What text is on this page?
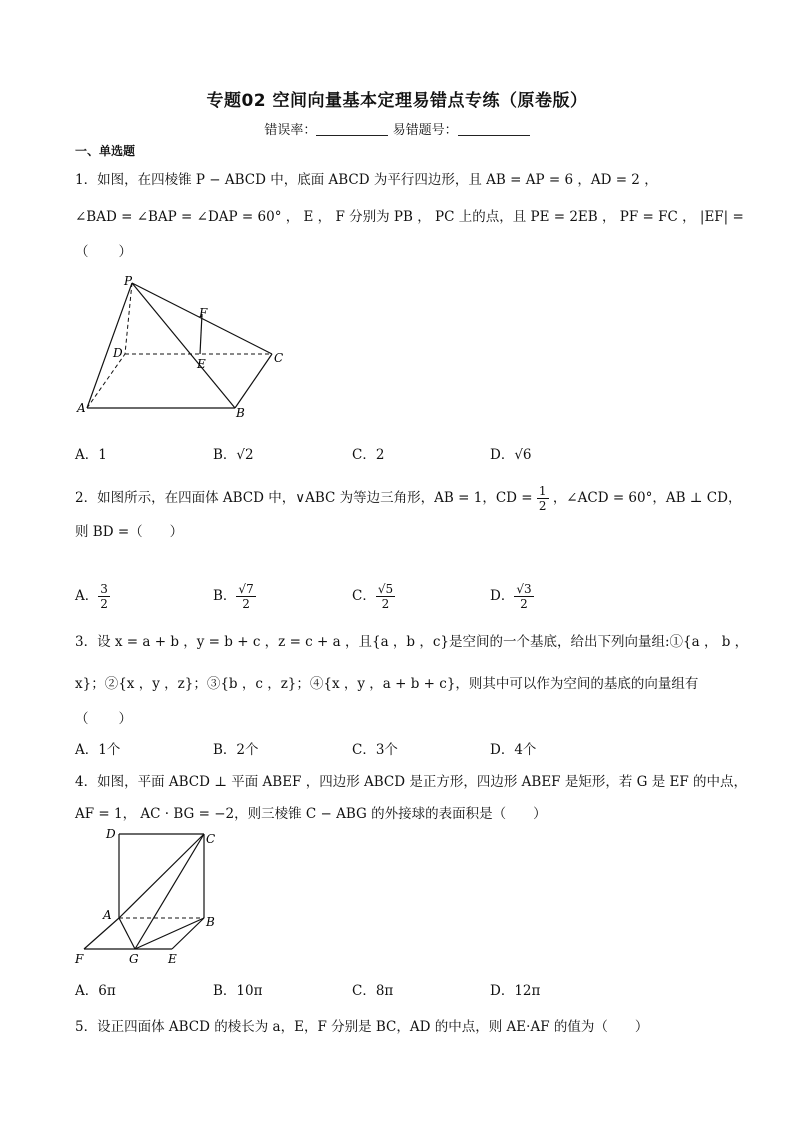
专题02 空间向量基本定理易错点专练（原卷版）
错误率：	易错题号：
一、单选题
1．如图，在四棱锥 P − ABCD 中，底面 ABCD 为平行四边形，且 AB = AP = 6 ，AD = 2 ，
∠BAD = ∠BAP = ∠DAP = 60° ， E ， F 分别为 PB ， PC 上的点，且 PE = 2EB ， PF = FC ， |EF| =
（　　）
P
F
D
E	C
A	B
A．1	B．√2	C．2	D．√6
2．如图所示，在四面体 ABCD 中，∨ABC 为等边三角形，AB = 1，CD = $\frac{1}{2}$ ，∠ACD = 60°，AB ⊥ CD，
则 BD =（　　）
A． $\frac{3}{2}$	B． $\frac{√7}{2}$	C． $\frac{√5}{2}$	D． $\frac{√3}{2}$
3．设 x = a + b ，y = b + c ，z = c + a ，且{a ，b ，c}是空间的一个基底，给出下列向量组:①{a ， b ，
x}；②{x ，y ，z}；③{b ，c ，z}；④{x ，y ，a + b + c}，则其中可以作为空间的基底的向量组有
（　　）
A．1个	B．2个	C．3个	D．4个
4．如图，平面 ABCD ⊥ 平面 ABEF ，四边形 ABCD 是正方形，四边形 ABEF 是矩形，若 G 是 EF 的中点，
AF = 1， AC · BG = −2，则三棱锥 C − ABG 的外接球的表面积是（　　）
D	C
A	B
F	G E
A．6π	B．10π	C．8π	D．12π
5．设正四面体 ABCD 的棱长为 a，E，F 分别是 BC，AD 的中点，则 AE·AF 的值为（　　）
